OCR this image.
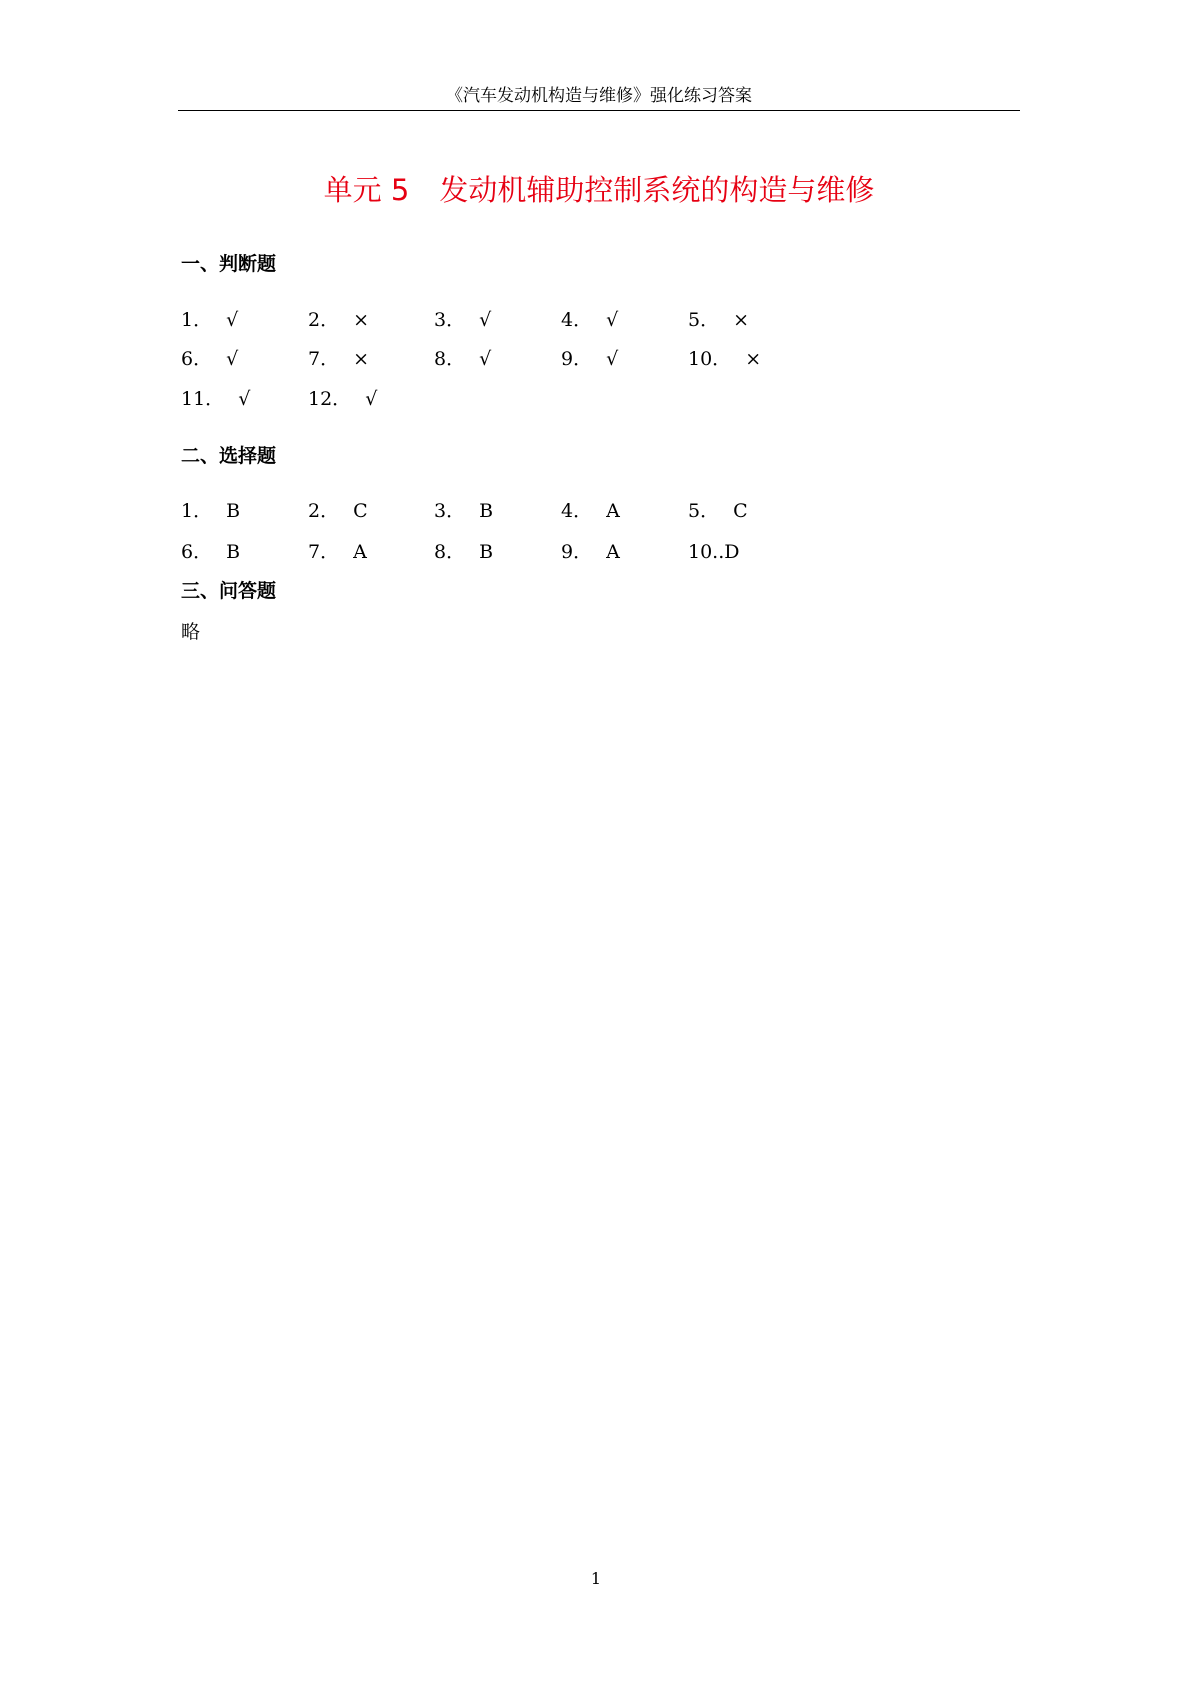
《汽车发动机构造与维修》强化练习答案
单元 5 发动机辅助控制系统的构造与维修
一、判断题
1． √	2． ×	3． √	4． √	5． ×
6． √	7． ×	8． √	9． √	10． ×
11． √	12． √
二、选择题
1． B	2． C	3． B	4． A	5． C
6． B	7． A	8． B	9． A	10..D
三、问答题
略
1
